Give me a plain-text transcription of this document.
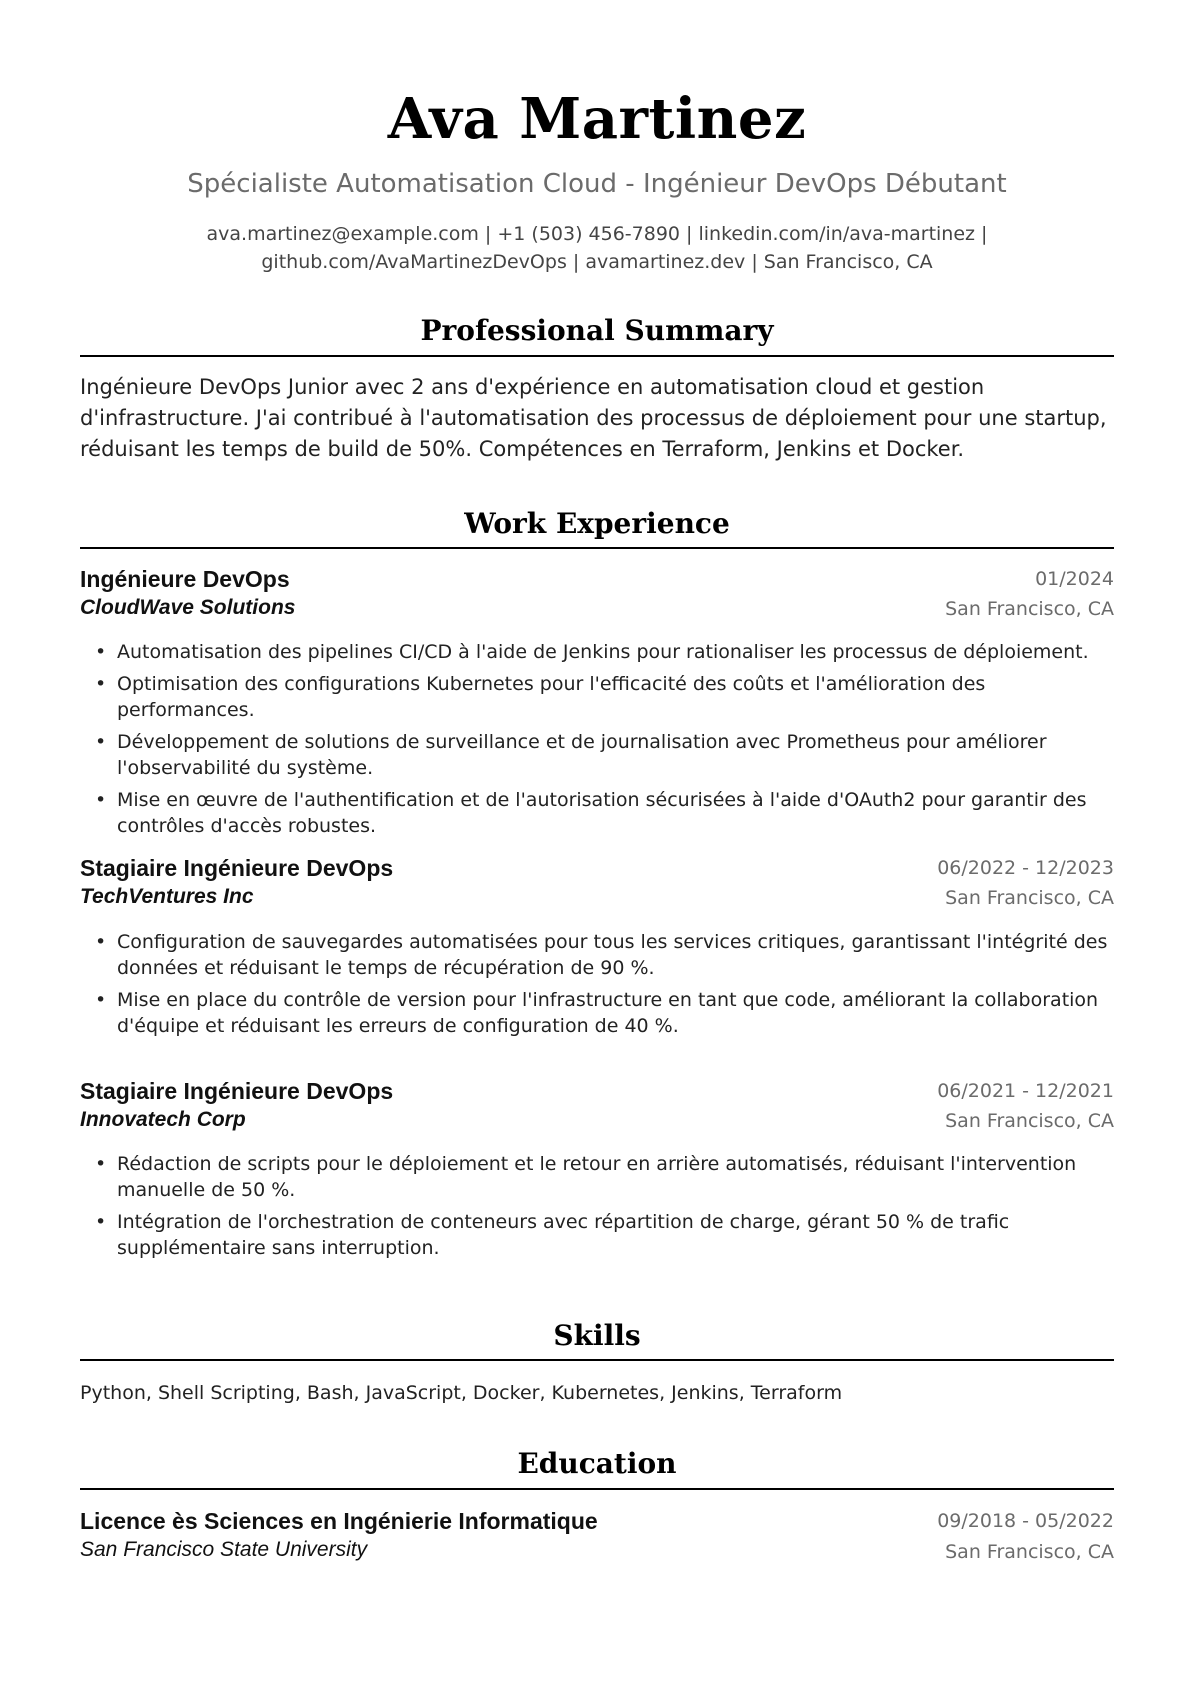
Ava Martinez
Spécialiste Automatisation Cloud - Ingénieur DevOps Débutant
ava.martinez@example.com | +1 (503) 456-7890 | linkedin.com/in/ava-martinez |
github.com/AvaMartinezDevOps | avamartinez.dev | San Francisco, CA
Professional Summary
Ingénieure DevOps Junior avec 2 ans d'expérience en automatisation cloud et gestion d'infrastructure. J'ai contribué à l'automatisation des processus de déploiement pour une startup, réduisant les temps de build de 50%. Compétences en Terraform, Jenkins et Docker.
Work Experience
Ingénieure DevOps	01/2024
CloudWave Solutions	San Francisco, CA
• Automatisation des pipelines CI/CD à l'aide de Jenkins pour rationaliser les processus de déploiement.
• Optimisation des configurations Kubernetes pour l'efficacité des coûts et l'amélioration des performances.
• Développement de solutions de surveillance et de journalisation avec Prometheus pour améliorer l'observabilité du système.
• Mise en œuvre de l'authentification et de l'autorisation sécurisées à l'aide d'OAuth2 pour garantir des contrôles d'accès robustes.
Stagiaire Ingénieure DevOps	06/2022 - 12/2023
TechVentures Inc	San Francisco, CA
• Configuration de sauvegardes automatisées pour tous les services critiques, garantissant l'intégrité des données et réduisant le temps de récupération de 90 %.
• Mise en place du contrôle de version pour l'infrastructure en tant que code, améliorant la collaboration d'équipe et réduisant les erreurs de configuration de 40 %.
Stagiaire Ingénieure DevOps	06/2021 - 12/2021
Innovatech Corp	San Francisco, CA
• Rédaction de scripts pour le déploiement et le retour en arrière automatisés, réduisant l'intervention manuelle de 50 %.
• Intégration de l'orchestration de conteneurs avec répartition de charge, gérant 50 % de trafic supplémentaire sans interruption.
Skills
Python, Shell Scripting, Bash, JavaScript, Docker, Kubernetes, Jenkins, Terraform
Education
Licence ès Sciences en Ingénierie Informatique	09/2018 - 05/2022
San Francisco State University	San Francisco, CA
